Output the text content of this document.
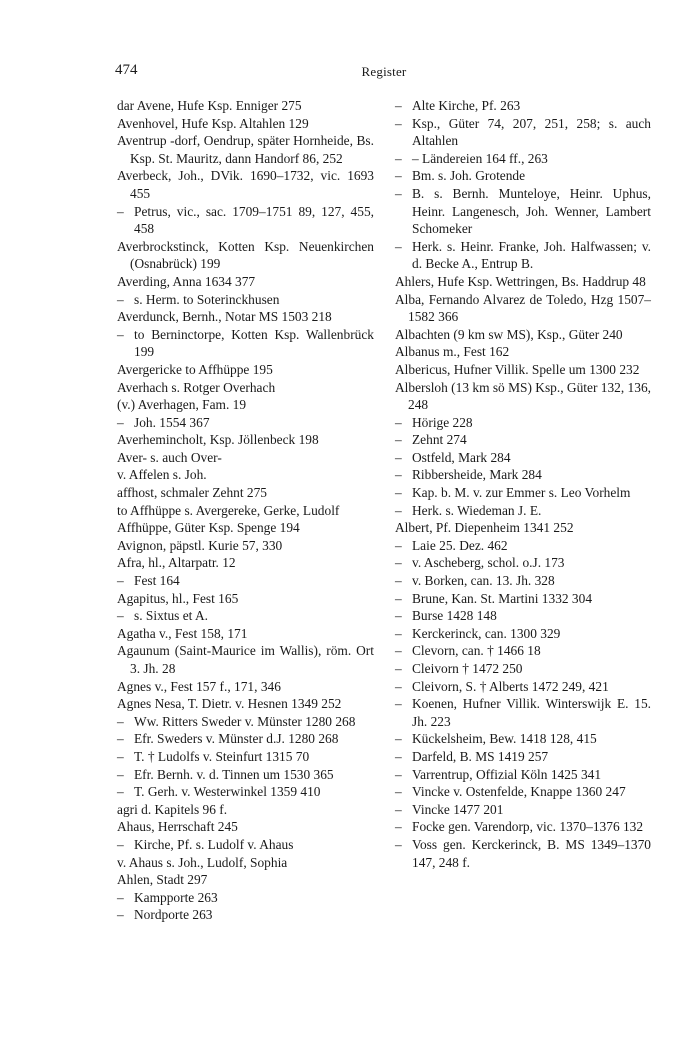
474	Register

dar Avene, Hufe Ksp. Enniger 275

Avenhovel, Hufe Ksp. Altahlen 129

Aventrup -dorf, Oendrup, später Hornheide, Bs. Ksp. St. Mauritz, dann Handorf 86, 252

Averbeck, Joh., DVik. 1690–1732, vic. 1693 455

– Petrus, vic., sac. 1709–1751 89, 127, 455, 458

Averbrockstinck, Kotten Ksp. Neuenkirchen (Osnabrück) 199

Averding, Anna 1634 377

– s. Herm. to Soterinckhusen

Averdunck, Bernh., Notar MS 1503 218

– to Berninctorpe, Kotten Ksp. Wallenbrück 199

Avergericke to Affhüppe 195

Averhach s. Rotger Overhach

(v.) Averhagen, Fam. 19

– Joh. 1554 367

Averhemincholt, Ksp. Jöllenbeck 198

Aver- s. auch Over-

v. Affelen s. Joh.

affhost, schmaler Zehnt 275

to Affhüppe s. Avergereke, Gerke, Ludolf

Affhüppe, Güter Ksp. Spenge 194

Avignon, päpstl. Kurie 57, 330

Afra, hl., Altarpatr. 12

– Fest 164

Agapitus, hl., Fest 165

– s. Sixtus et A.

Agatha v., Fest 158, 171

Agaunum (Saint-Maurice im Wallis), röm. Ort 3. Jh. 28

Agnes v., Fest 157 f., 171, 346

Agnes Nesa, T. Dietr. v. Hesnen 1349 252

– Ww. Ritters Sweder v. Münster 1280 268

– Efr. Sweders v. Münster d.J. 1280 268

– T. † Ludolfs v. Steinfurt 1315 70

– Efr. Bernh. v. d. Tinnen um 1530 365

– T. Gerh. v. Westerwinkel 1359 410

agri d. Kapitels 96 f.

Ahaus, Herrschaft 245

– Kirche, Pf. s. Ludolf v. Ahaus

v. Ahaus s. Joh., Ludolf, Sophia

Ahlen, Stadt 297

– Kampporte 263

– Nordporte 263

– Alte Kirche, Pf. 263

– Ksp., Güter 74, 207, 251, 258; s. auch Altahlen

– – Ländereien 164 ff., 263

– Bm. s. Joh. Grotende

– B. s. Bernh. Munteloye, Heinr. Uphus, Heinr. Langenesch, Joh. Wenner, Lambert Schomeker

– Herk. s. Heinr. Franke, Joh. Halfwassen; v. d. Becke A., Entrup B.

Ahlers, Hufe Ksp. Wettringen, Bs. Haddrup 48

Alba, Fernando Alvarez de Toledo, Hzg 1507–1582 366

Albachten (9 km sw MS), Ksp., Güter 240

Albanus m., Fest 162

Albericus, Hufner Villik. Spelle um 1300 232

Albersloh (13 km sö MS) Ksp., Güter 132, 136, 248

– Hörige 228

– Zehnt 274

– Ostfeld, Mark 284

– Ribbersheide, Mark 284

– Kap. b. M. v. zur Emmer s. Leo Vorhelm

– Herk. s. Wiedeman J. E.

Albert, Pf. Diepenheim 1341 252

– Laie 25. Dez. 462

– v. Ascheberg, schol. o.J. 173

– v. Borken, can. 13. Jh. 328

– Brune, Kan. St. Martini 1332 304

– Burse 1428 148

– Kerckerinck, can. 1300 329

– Clevorn, can. † 1466 18

– Cleivorn † 1472 250

– Cleivorn, S. † Alberts 1472 249, 421

– Koenen, Hufner Villik. Winterswijk E. 15. Jh. 223

– Kückelsheim, Bew. 1418 128, 415

– Darfeld, B. MS 1419 257

– Varrentrup, Offizial Köln 1425 341

– Vincke v. Ostenfelde, Knappe 1360 247

– Vincke 1477 201

– Focke gen. Varendorp, vic. 1370–1376 132

– Voss gen. Kerckerinck, B. MS 1349–1370 147, 248 f.
